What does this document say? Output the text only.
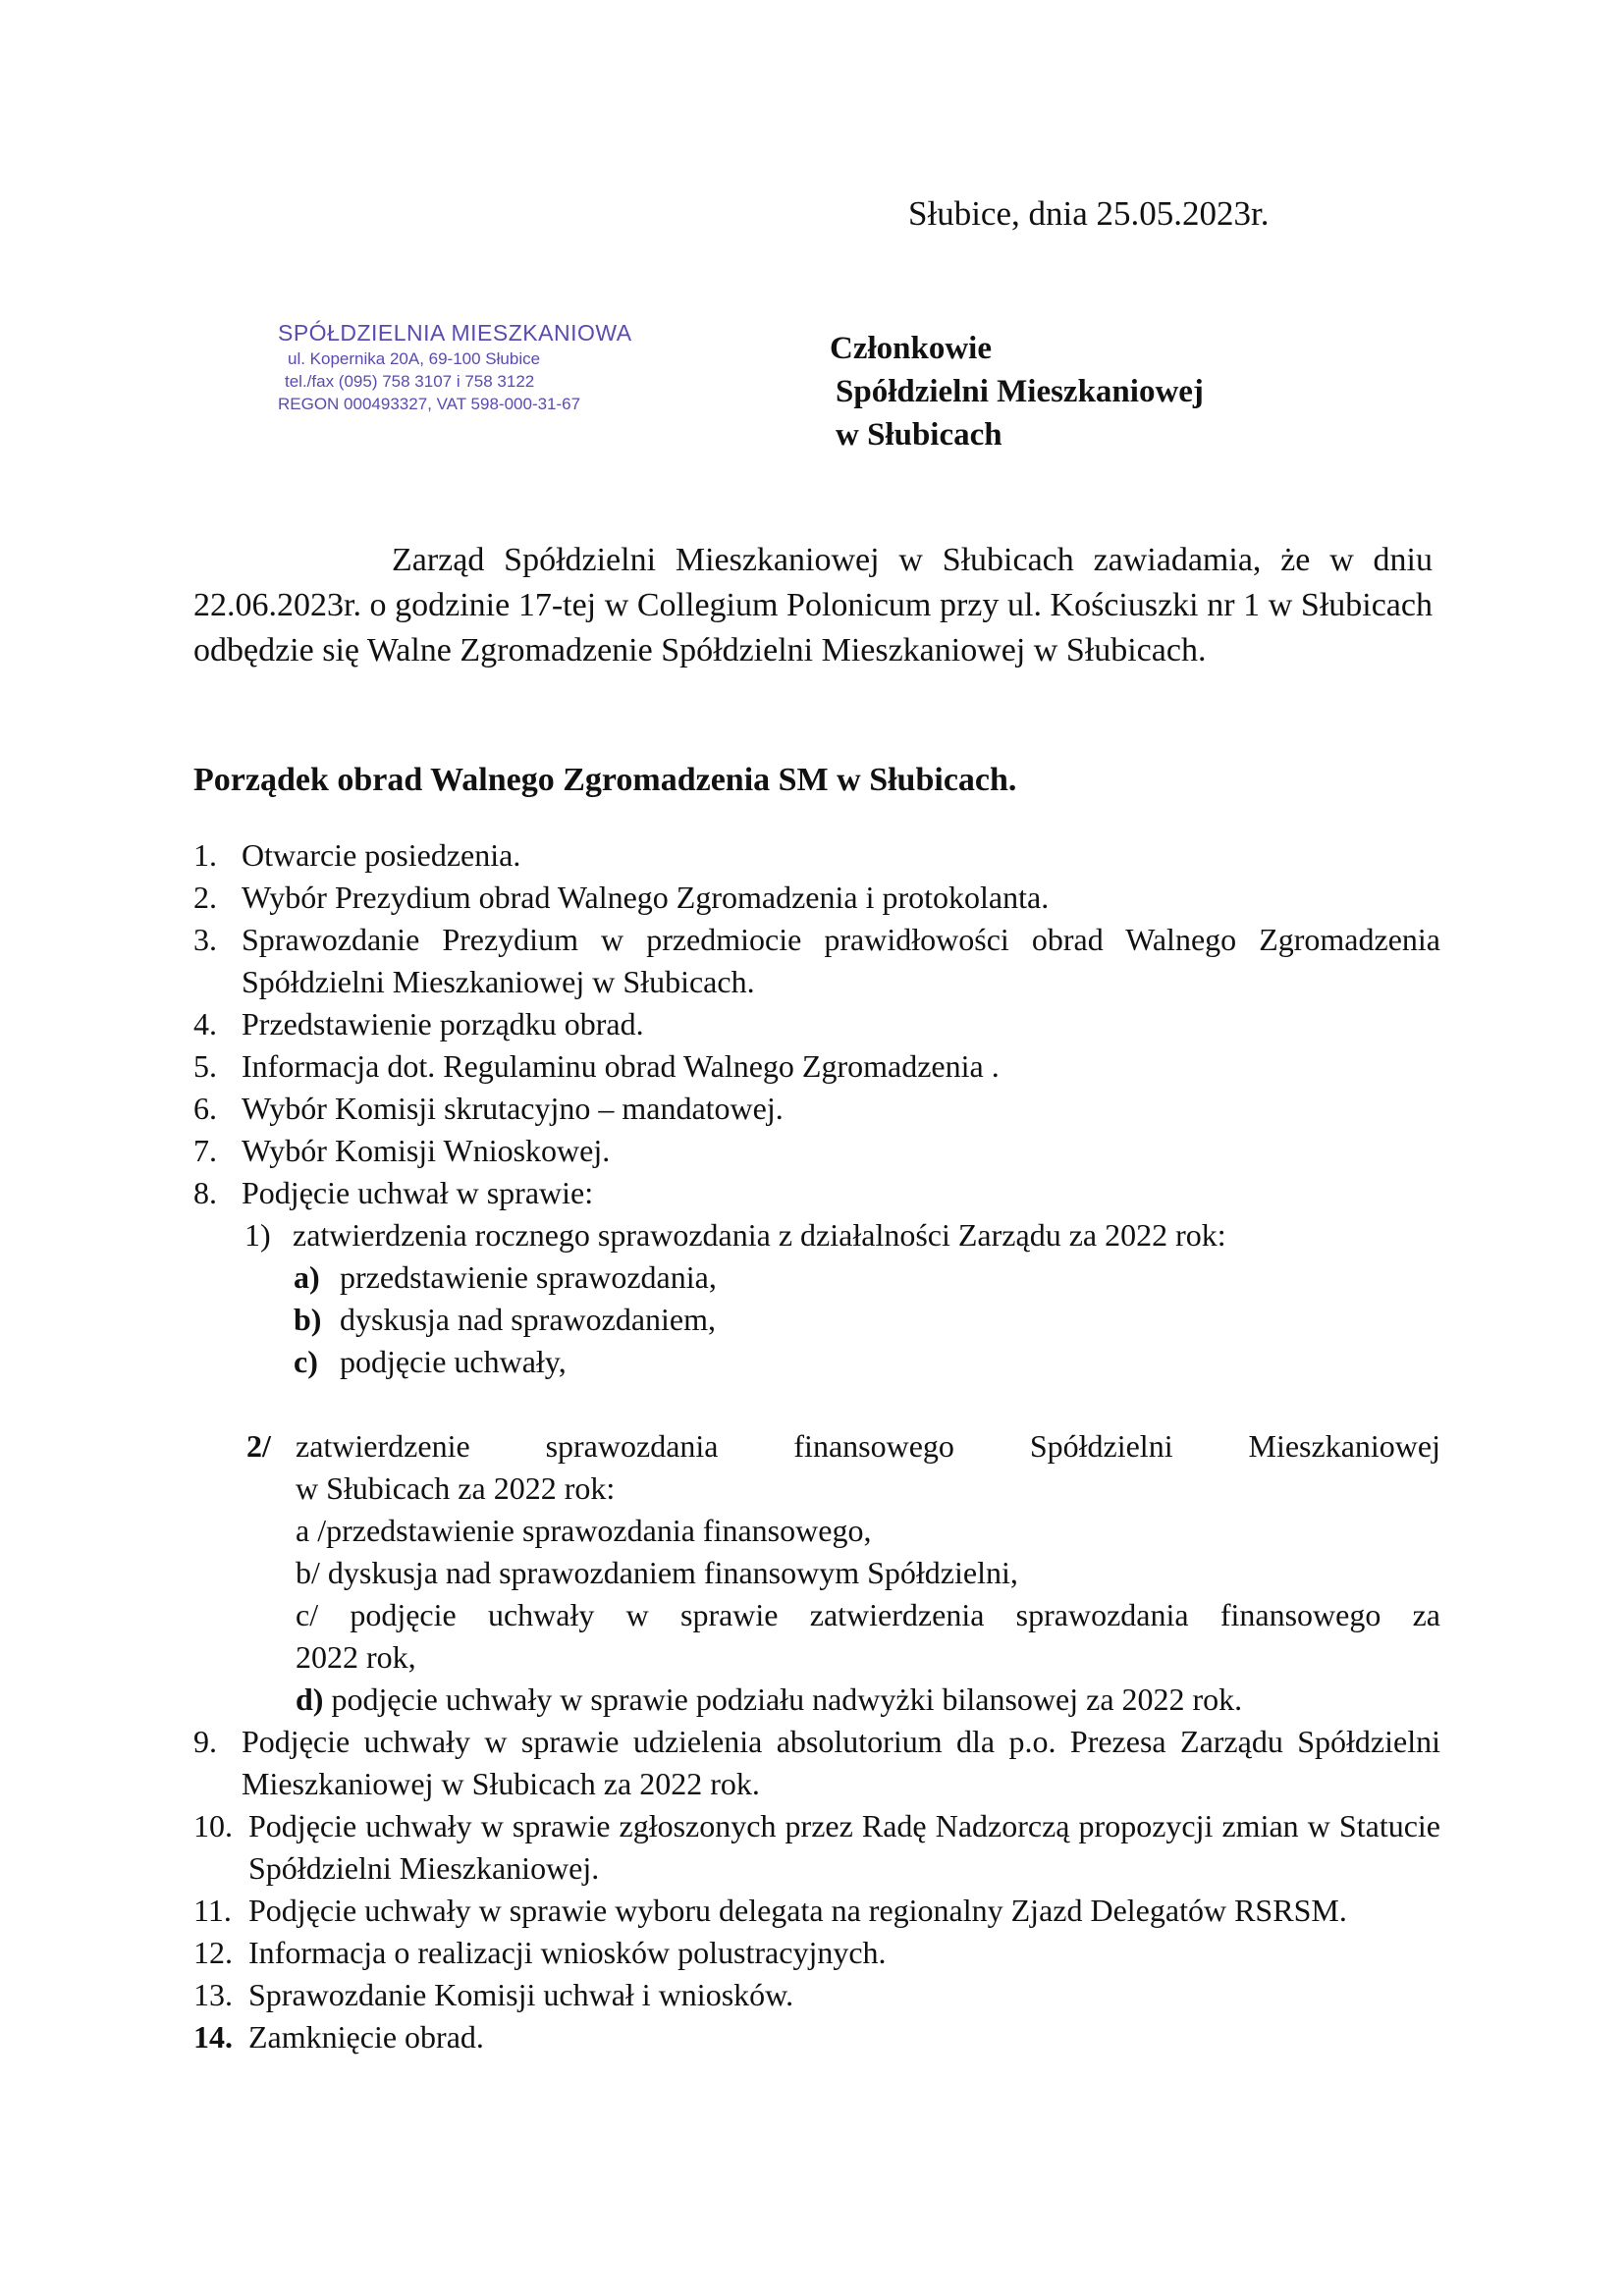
Słubice, dnia 25.05.2023r.
SPÓŁDZIELNIA MIESZKANIOWA
ul. Kopernika 20A, 69-100 Słubice
tel./fax (095) 758 3107 i 758 3122
REGON 000493327, VAT 598-000-31-67
Członkowie
Spółdzielni Mieszkaniowej
w Słubicach
Zarząd Spółdzielni Mieszkaniowej w Słubicach zawiadamia, że w dniu 22.06.2023r. o godzinie 17-tej w Collegium Polonicum przy ul. Kościuszki nr 1 w Słubicach odbędzie się Walne Zgromadzenie Spółdzielni Mieszkaniowej w Słubicach.
Porządek obrad Walnego Zgromadzenia SM w Słubicach.
1. Otwarcie posiedzenia.
2. Wybór Prezydium obrad Walnego Zgromadzenia i protokolanta.
3. Sprawozdanie Prezydium w przedmiocie prawidłowości obrad Walnego Zgromadzenia Spółdzielni Mieszkaniowej w Słubicach.
4. Przedstawienie porządku obrad.
5. Informacja dot. Regulaminu obrad Walnego Zgromadzenia .
6. Wybór Komisji skrutacyjno – mandatowej.
7. Wybór Komisji Wnioskowej.
8. Podjęcie uchwał w sprawie:
1) zatwierdzenia rocznego sprawozdania z działalności Zarządu za 2022 rok:
a) przedstawienie sprawozdania,
b) dyskusja nad sprawozdaniem,
c) podjęcie uchwały,
2/ zatwierdzenie sprawozdania finansowego Spółdzielni Mieszkaniowej
w Słubicach za 2022 rok:
a /przedstawienie sprawozdania finansowego,
b/ dyskusja nad sprawozdaniem finansowym Spółdzielni,
c/ podjęcie uchwały w sprawie zatwierdzenia sprawozdania finansowego za
2022 rok,
d) podjęcie uchwały w sprawie podziału nadwyżki bilansowej za 2022 rok.
9. Podjęcie uchwały w sprawie udzielenia absolutorium dla p.o. Prezesa Zarządu Spółdzielni Mieszkaniowej w Słubicach za 2022 rok.
10. Podjęcie uchwały w sprawie zgłoszonych przez Radę Nadzorczą propozycji zmian w Statucie Spółdzielni Mieszkaniowej.
11. Podjęcie uchwały w sprawie wyboru delegata na regionalny Zjazd Delegatów RSRSM.
12. Informacja o realizacji wniosków polustracyjnych.
13. Sprawozdanie Komisji uchwał i wniosków.
14. Zamknięcie obrad.
